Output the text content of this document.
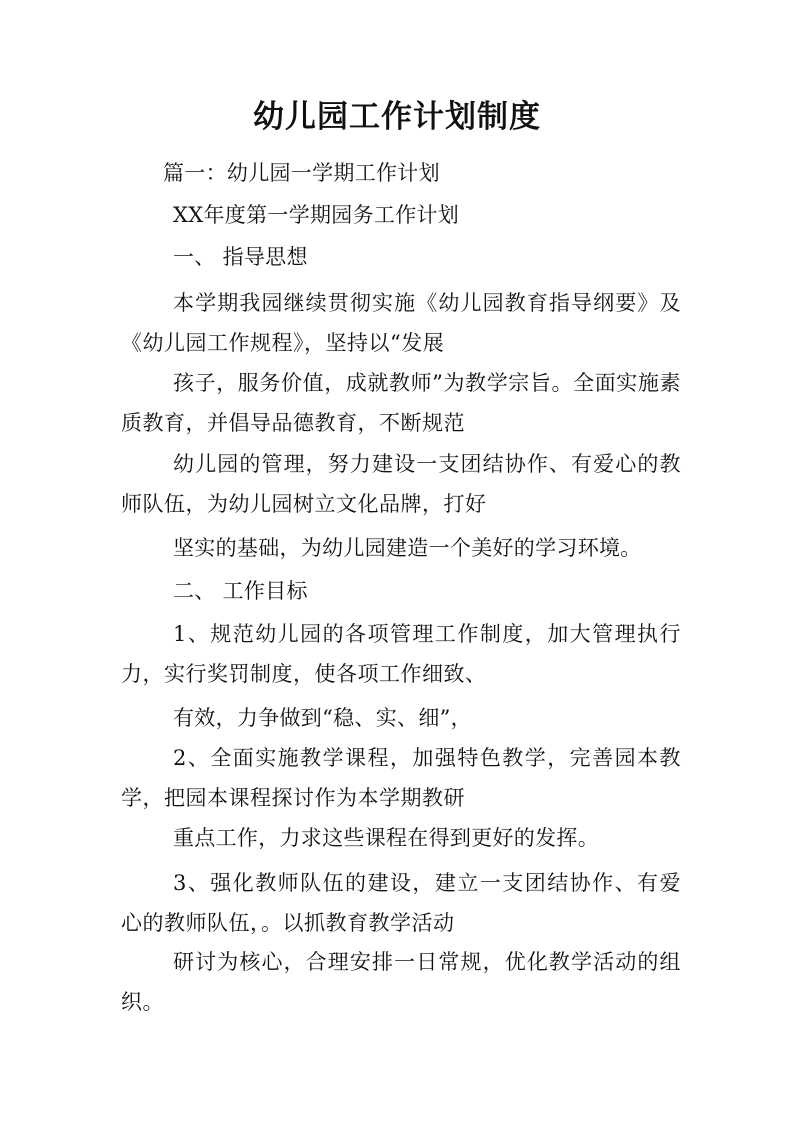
幼儿园工作计划制度
篇一：幼儿园一学期工作计划
XX年度第一学期园务工作计划
一、 指导思想

本学期我园继续贯彻实施《幼儿园教育指导纲要》及《幼儿园工作规程》，坚持以“发展

孩子，服务价值，成就教师”为教学宗旨。全面实施素质教育，并倡导品德教育，不断规范

幼儿园的管理，努力建设一支团结协作、有爱心的教师队伍，为幼儿园树立文化品牌，打好

坚实的基础，为幼儿园建造一个美好的学习环境。
二、 工作目标

1、规范幼儿园的各项管理工作制度，加大管理执行力，实行奖罚制度，使各项工作细致、

有效，力争做到“稳、实、细”，

2、全面实施教学课程，加强特色教学，完善园本教学，把园本课程探讨作为本学期教研

重点工作，力求这些课程在得到更好的发挥。

3、强化教师队伍的建设，建立一支团结协作、有爱心的教师队伍，。以抓教育教学活动

研讨为核心，合理安排一日常规，优化教学活动的组织。
